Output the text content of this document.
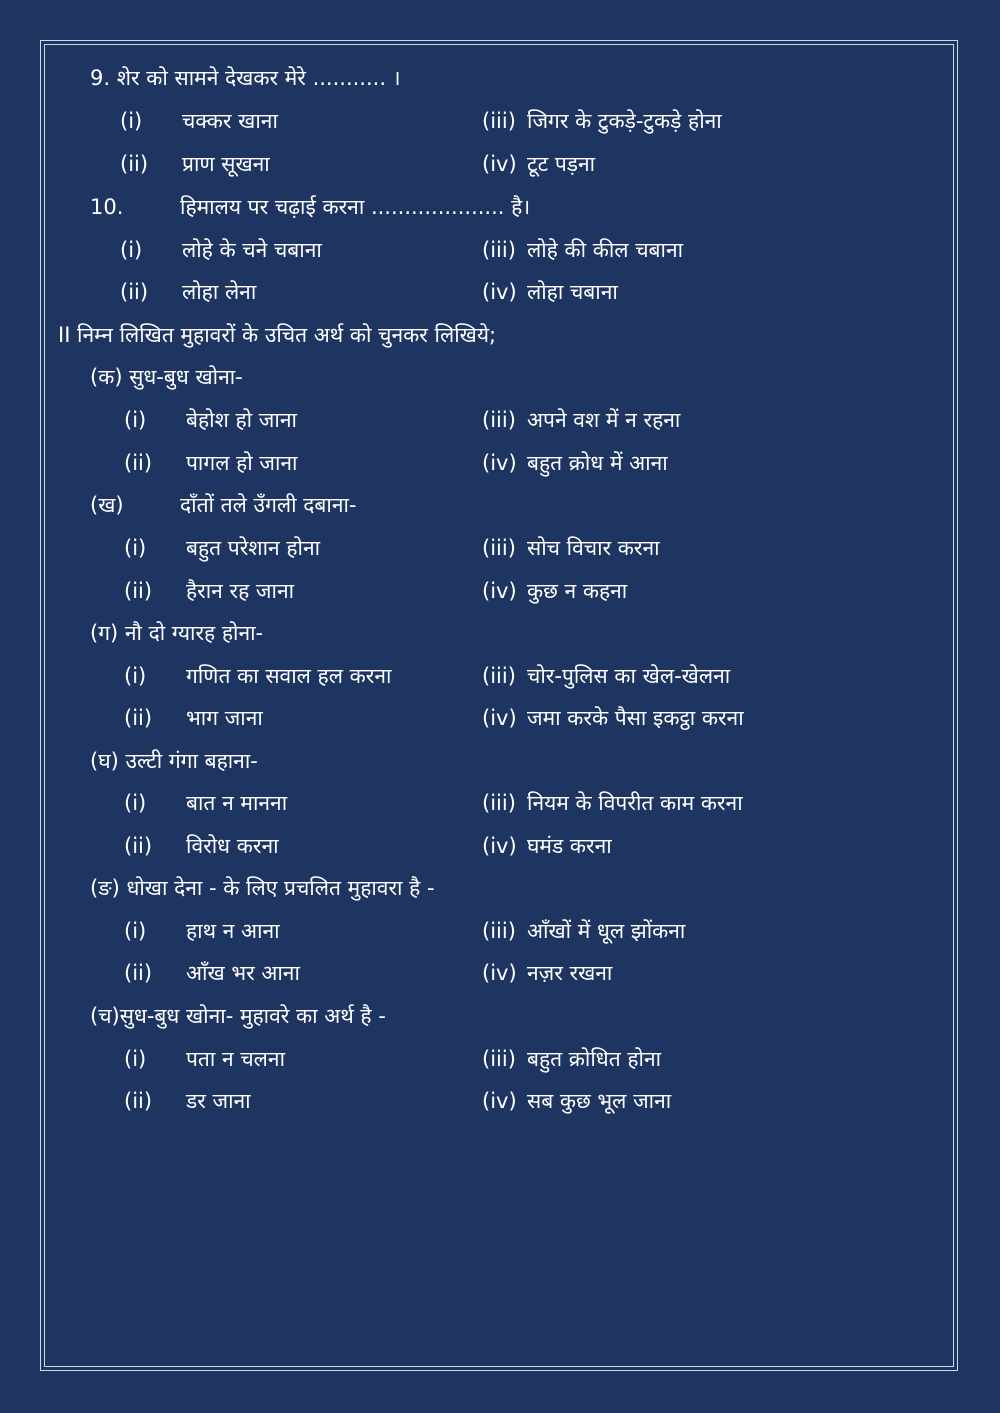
9. शेर को सामने देखकर मेरे ........... ।
(i) चक्कर खाना	(iii) जिगर के टुकड़े-टुकड़े होना
(ii) प्राण सूखना	(iv) टूट पड़ना
10.	हिमालय पर चढ़ाई करना .................... है।
(i) लोहे के चने चबाना	(iii) लोहे की कील चबाना
(ii) लोहा लेना	(iv) लोहा चबाना
II निम्न लिखित मुहावरों के उचित अर्थ को चुनकर लिखिये;
(क) सुध-बुध खोना-
(i) बेहोश हो जाना	(iii) अपने वश में न रहना
(ii) पागल हो जाना	(iv) बहुत क्रोध में आना
(ख)	दाँतों तले उँगली दबाना-
(i) बहुत परेशान होना	(iii) सोच विचार करना
(ii) हैरान रह जाना	(iv) कुछ न कहना
(ग) नौ दो ग्यारह होना-
(i) गणित का सवाल हल करना	(iii) चोर-पुलिस का खेल-खेलना
(ii) भाग जाना	(iv) जमा करके पैसा इकट्ठा करना
(घ) उल्टी गंगा बहाना-
(i) बात न मानना	(iii) नियम के विपरीत काम करना
(ii) विरोध करना	(iv) घमंड करना
(ङ) धोखा देना - के लिए प्रचलित मुहावरा है -
(i) हाथ न आना	(iii) आँखों में धूल झोंकना
(ii) आँख भर आना	(iv) नज़र रखना
(च)सुध-बुध खोना- मुहावरे का अर्थ है -
(i) पता न चलना	(iii) बहुत क्रोधित होना
(ii) डर जाना	(iv) सब कुछ भूल जाना
